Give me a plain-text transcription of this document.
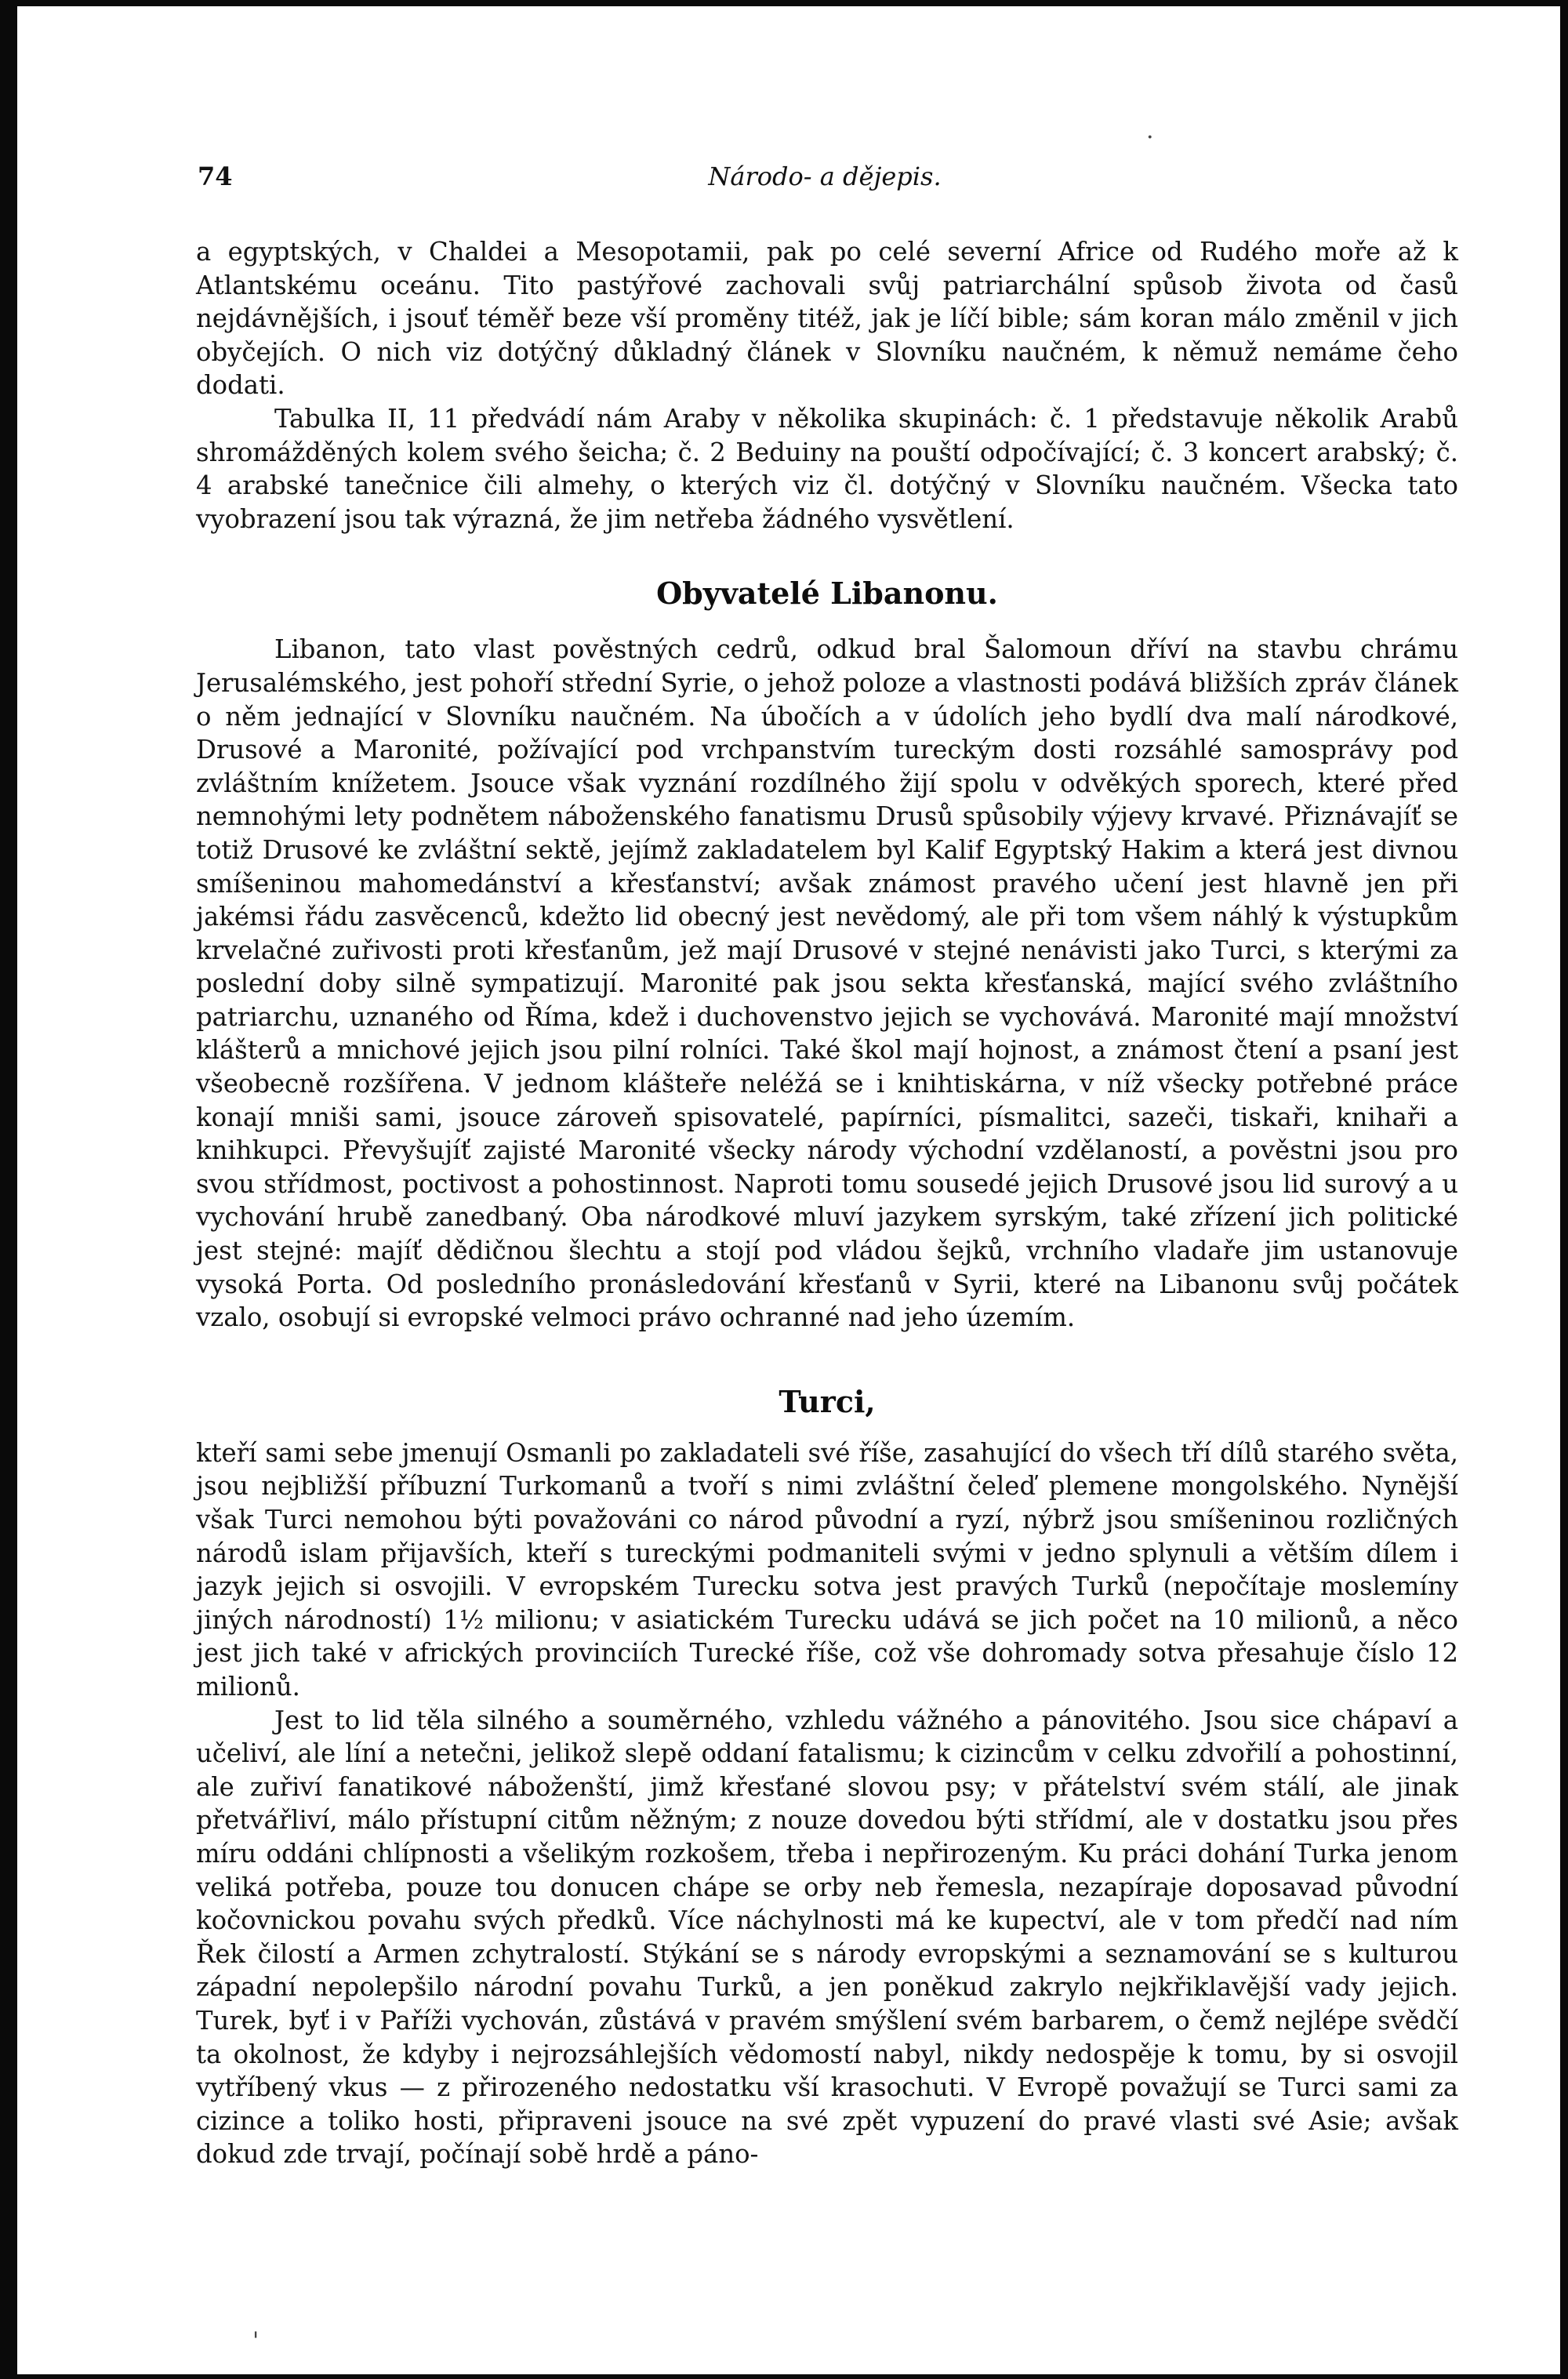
74	Národo- a dějepis.

a egyptských, v Chaldei a Mesopotamii, pak po celé severní Africe od Rudého moře až k Atlantskému oceánu. Tito pastýřové zachovali svůj patriarchální spůsob života od časů nejdávnějších, i jsouť téměř beze vší proměny titéž, jak je líčí bible; sám koran málo změnil v jich obyčejích. O nich viz dotýčný důkladný článek v Slovníku naučném, k němuž nemáme čeho dodati.

Tabulka II, 11 předvádí nám Araby v několika skupinách: č. 1 představuje několik Arabů shromážděných kolem svého šeicha; č. 2 Beduiny na pouští odpočívající; č. 3 koncert arabský; č. 4 arabské tanečnice čili almehy, o kterých viz čl. dotýčný v Slovníku naučném. Všecka tato vyobrazení jsou tak výrazná, že jim netřeba žádného vysvětlení.

Obyvatelé Libanonu.

Libanon, tato vlast pověstných cedrů, odkud bral Šalomoun dříví na stavbu chrámu Jerusalémského, jest pohoří střední Syrie, o jehož poloze a vlastnosti podává bližších zpráv článek o něm jednající v Slovníku naučném. Na úbočích a v údolích jeho bydlí dva malí národkové, Drusové a Maronité, požívající pod vrchpanstvím tureckým dosti rozsáhlé samosprávy pod zvláštním knížetem. Jsouce však vyznání rozdílného žijí spolu v odvěkých sporech, které před nemnohými lety podnětem náboženského fanatismu Drusů spůsobily výjevy krvavé. Přiznávajíť se totiž Drusové ke zvláštní sektě, jejímž zakladatelem byl Kalif Egyptský Hakim a která jest divnou smíšeninou mahomedánství a křesťanství; avšak známost pravého učení jest hlavně jen při jakémsi řádu zasvěcenců, kdežto lid obecný jest nevědomý, ale při tom všem náhlý k výstupkům krvelačné zuřivosti proti křesťanům, jež mají Drusové v stejné nenávisti jako Turci, s kterými za poslední doby silně sympatizují. Maronité pak jsou sekta křesťanská, mající svého zvláštního patriarchu, uznaného od Říma, kdež i duchovenstvo jejich se vychovává. Maronité mají množství klášterů a mnichové jejich jsou pilní rolníci. Také škol mají hojnost, a známost čtení a psaní jest všeobecně rozšířena. V jednom klášteře neléžá se i knihtiskárna, v níž všecky potřebné práce konají mniši sami, jsouce zároveň spisovatelé, papírníci, písmalitci, sazeči, tiskaři, knihaři a knihkupci. Převyšujíť zajisté Maronité všecky národy východní vzdělaností, a pověstni jsou pro svou střídmost, poctivost a pohostinnost. Naproti tomu sousedé jejich Drusové jsou lid surový a u vychování hrubě zanedbaný. Oba národkové mluví jazykem syrským, také zřízení jich politické jest stejné: majíť dědičnou šlechtu a stojí pod vládou šejků, vrchního vladaře jim ustanovuje vysoká Porta. Od posledního pronásledování křesťanů v Syrii, které na Libanonu svůj počátek vzalo, osobují si evropské velmoci právo ochranné nad jeho územím.

Turci,

kteří sami sebe jmenují Osmanli po zakladateli své říše, zasahující do všech tří dílů starého světa, jsou nejbližší příbuzní Turkomanů a tvoří s nimi zvláštní čeleď plemene mongolského. Nynější však Turci nemohou býti považováni co národ původní a ryzí, nýbrž jsou smíšeninou rozličných národů islam přijavších, kteří s tureckými podmaniteli svými v jedno splynuli a větším dílem i jazyk jejich si osvojili. V evropském Turecku sotva jest pravých Turků (nepočítaje moslemíny jiných národností) 1½ milionu; v asiatickém Turecku udává se jich počet na 10 milionů, a něco jest jich také v afrických provinciích Turecké říše, což vše dohromady sotva přesahuje číslo 12 milionů.

Jest to lid těla silného a souměrného, vzhledu vážného a pánovitého. Jsou sice chápaví a učeliví, ale líní a netečni, jelikož slepě oddaní fatalismu; k cizincům v celku zdvořilí a pohostinní, ale zuřiví fanatikové náboženští, jimž křesťané slovou psy; v přátelství svém stálí, ale jinak přetvářliví, málo přístupní citům něžným; z nouze dovedou býti střídmí, ale v dostatku jsou přes míru oddáni chlípnosti a všelikým rozkošem, třeba i nepřirozeným. Ku práci dohání Turka jenom veliká potřeba, pouze tou donucen chápe se orby neb řemesla, nezapíraje doposavad původní kočovnickou povahu svých předků. Více náchylnosti má ke kupectví, ale v tom předčí nad ním Řek čilostí a Armen zchytralostí. Stýkání se s národy evropskými a seznamování se s kulturou západní nepolepšilo národní povahu Turků, a jen poněkud zakrylo nejkřiklavější vady jejich. Turek, byť i v Paříži vychován, zůstává v pravém smýšlení svém barbarem, o čemž nejlépe svědčí ta okolnost, že kdyby i nejrozsáhlejších vědomostí nabyl, nikdy nedospěje k tomu, by si osvojil vytříbený vkus — z přirozeného nedostatku vší krasochuti. V Evropě považují se Turci sami za cizince a toliko hosti, připraveni jsouce na své zpět vypuzení do pravé vlasti své Asie; avšak dokud zde trvají, počínají sobě hrdě a páno-

·
'
